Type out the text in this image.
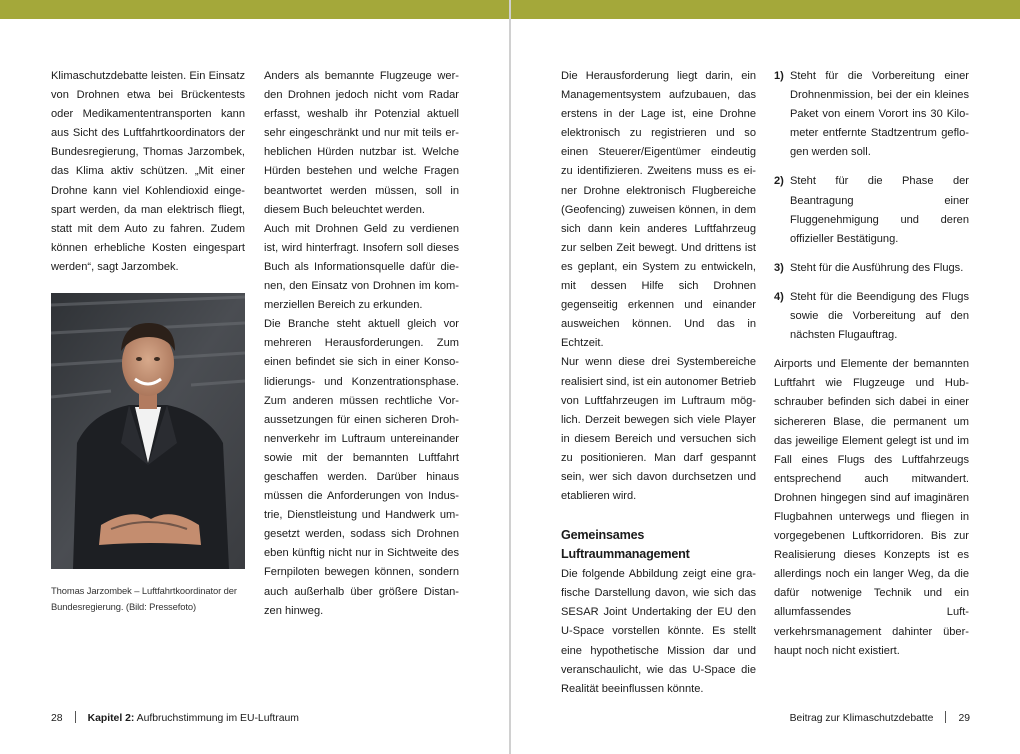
Klimaschutzdebatte leisten. Ein Einsatz von Drohnen etwa bei Brückentests oder Medikamententransporten kann aus Sicht des Luftfahrtkoordinators der Bundesregierung, Thomas Jarzombek, das Klima aktiv schützen. „Mit einer Drohne kann viel Kohlendioxid eingespart werden, da man elektrisch fliegt, statt mit dem Auto zu fahren. Zudem können erhebliche Kosten eingespart werden“, sagt Jarzombek.

Thomas Jarzombek – Luftfahrtkoordinator der Bundesregierung. (Bild: Pressefoto)

Anders als bemannte Flugzeuge werden Drohnen jedoch nicht vom Radar erfasst, weshalb ihr Potenzial aktuell sehr eingeschränkt und nur mit teils erheblichen Hürden nutzbar ist. Welche Hürden bestehen und welche Fragen beantwortet werden müssen, soll in diesem Buch beleuchtet werden.

Auch mit Drohnen Geld zu verdienen ist, wird hinterfragt. Insofern soll dieses Buch als Informationsquelle dafür dienen, den Einsatz von Drohnen im kommerziellen Bereich zu erkunden.

Die Branche steht aktuell gleich vor mehreren Herausforderungen. Zum einen befindet sie sich in einer Konsolidierungs- und Konzentrationsphase. Zum anderen müssen rechtliche Voraussetzungen für einen sicheren Drohnenverkehr im Luftraum untereinander sowie mit der bemannten Luftfahrt geschaffen werden. Darüber hinaus müssen die Anforderungen von Industrie, Dienstleistung und Handwerk umgesetzt werden, sodass sich Drohnen eben künftig nicht nur in Sichtweite des Fernpiloten bewegen können, sondern auch außerhalb über größere Distanzen hinweg.

28 Kapitel 2: Aufbruchstimmung im EU-Luftraum

Die Herausforderung liegt darin, ein Managementsystem aufzubauen, das erstens in der Lage ist, eine Drohne elektronisch zu registrieren und so einen Steuerer/Eigentümer eindeutig zu identifizieren. Zweitens muss es einer Drohne elektronisch Flugbereiche (Geofencing) zuweisen können, in dem sich dann kein anderes Luftfahrzeug zur selben Zeit bewegt. Und drittens ist es geplant, ein System zu entwickeln, mit dessen Hilfe sich Drohnen gegenseitig erkennen und einander ausweichen können. Und das in Echtzeit.

Nur wenn diese drei Systembereiche realisiert sind, ist ein autonomer Betrieb von Luftfahrzeugen im Luftraum möglich. Derzeit bewegen sich viele Player in diesem Bereich und versuchen sich zu positionieren. Man darf gespannt sein, wer sich davon durchsetzen und etablieren wird.

Gemeinsames Luftraummanagement

Die folgende Abbildung zeigt eine grafische Darstellung davon, wie sich das SESAR Joint Undertaking der EU den U-Space vorstellen könnte. Es stellt eine hypothetische Mission dar und veranschaulicht, wie das U-Space die Realität beeinflussen könnte.

1) Steht für die Vorbereitung einer Drohnenmission, bei der ein kleines Paket von einem Vorort ins 30 Kilometer entfernte Stadtzentrum geflogen werden soll.
2) Steht für die Phase der Beantragung einer Fluggenehmigung und deren offizieller Bestätigung.
3) Steht für die Ausführung des Flugs.
4) Steht für die Beendigung des Flugs sowie die Vorbereitung auf den nächsten Flugauftrag.

Airports und Elemente der bemannten Luftfahrt wie Flugzeuge und Hubschrauber befinden sich dabei in einer sichereren Blase, die permanent um das jeweilige Element gelegt ist und im Fall eines Flugs des Luftfahrzeugs entsprechend auch mitwandert. Drohnen hingegen sind auf imaginären Flugbahnen unterwegs und fliegen in vorgegebenen Luftkorridoren. Bis zur Realisierung dieses Konzepts ist es allerdings noch ein langer Weg, da die dafür notwenige Technik und ein allumfassendes Luftverkehrsmanagement dahinter überhaupt noch nicht existiert.

Beitrag zur Klimaschutzdebatte 29
